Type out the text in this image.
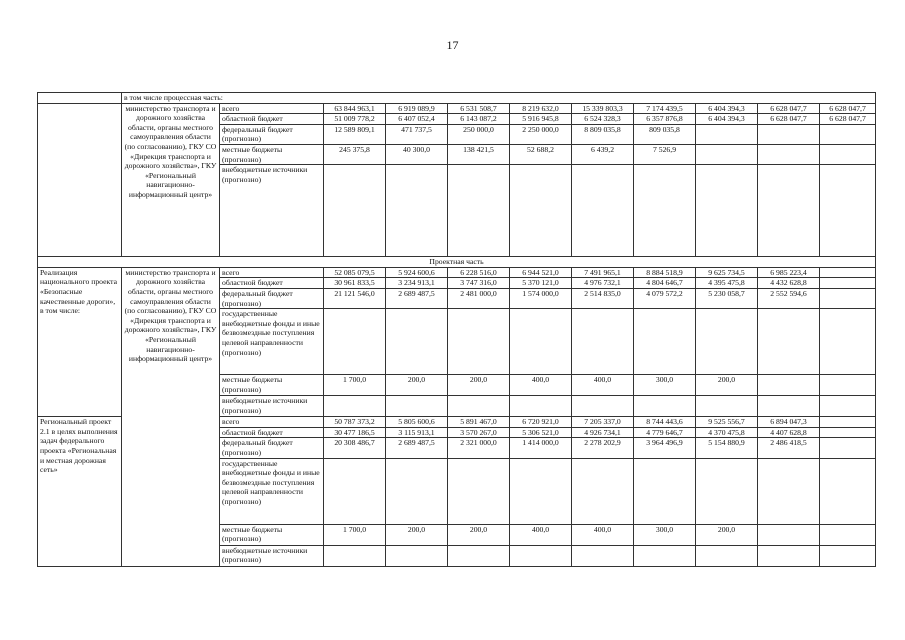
17
	в том числе процессная часть:										
	министерство транспорта и дорожного хозяйства области, органы местного самоуправления области (по согласованию), ГКУ СО «Дирекция транспорта и дорожного хозяйства», ГКУ «Региональный навигационно-информационный центр»	всего	63 844 963,1	6 919 089,9	6 531 508,7	8 219 632,0	15 339 803,3	7 174 439,5	6 404 394,3	6 628 047,7	6 628 047,7
		областной бюджет	51 009 778,2	6 407 052,4	6 143 087,2	5 916 945,8	6 524 328,3	6 357 876,8	6 404 394,3	6 628 047,7	6 628 047,7
		федеральный бюджет (прогнозно)	12 589 809,1	471 737,5	250 000,0	2 250 000,0	8 809 035,8	809 035,8			
		местные бюджеты (прогнозно)	245 375,8	40 300,0	138 421,5	52 688,2	6 439,2	7 526,9			
		внебюджетные источники (прогнозно)									
Проектная часть											
Реализация национального проекта «Безопасные качественные дороги», в том числе:	министерство транспорта и дорожного хозяйства области, органы местного самоуправления области (по согласованию), ГКУ СО «Дирекция транспорта и дорожного хозяйства», ГКУ «Региональный навигационно-информационный центр»	всего	52 085 079,5	5 924 600,6	6 228 516,0	6 944 521,0	7 491 965,1	8 884 518,9	9 625 734,5	6 985 223,4	
		областной бюджет	30 961 833,5	3 234 913,1	3 747 316,0	5 370 121,0	4 976 732,1	4 804 646,7	4 395 475,8	4 432 628,8	
		федеральный бюджет (прогнозно)	21 121 546,0	2 689 487,5	2 481 000,0	1 574 000,0	2 514 835,0	4 079 572,2	5 230 058,7	2 552 594,6	
		государственные внебюджетные фонды и иные безвозмездные поступления целевой направленности (прогнозно)									
		местные бюджеты (прогнозно)	1 700,0	200,0	200,0	400,0	400,0	300,0	200,0		
		внебюджетные источники (прогнозно)									
Региональный проект 2.1 в целях выполнения задач федерального проекта «Региональная и местная дорожная сеть»		всего	50 787 373,2	5 805 600,6	5 891 467,0	6 720 921,0	7 205 337,0	8 744 443,6	9 525 556,7	6 894 047,3	
		областной бюджет	30 477 186,5	3 115 913,1	3 570 267,0	5 306 521,0	4 926 734,1	4 779 646,7	4 370 475,8	4 407 628,8	
		федеральный бюджет (прогнозно)	20 308 486,7	2 689 487,5	2 321 000,0	1 414 000,0	2 278 202,9	3 964 496,9	5 154 880,9	2 486 418,5	
		государственные внебюджетные фонды и иные безвозмездные поступления целевой направленности (прогнозно)									
		местные бюджеты (прогнозно)	1 700,0	200,0	200,0	400,0	400,0	300,0	200,0		
		внебюджетные источники (прогнозно)									
